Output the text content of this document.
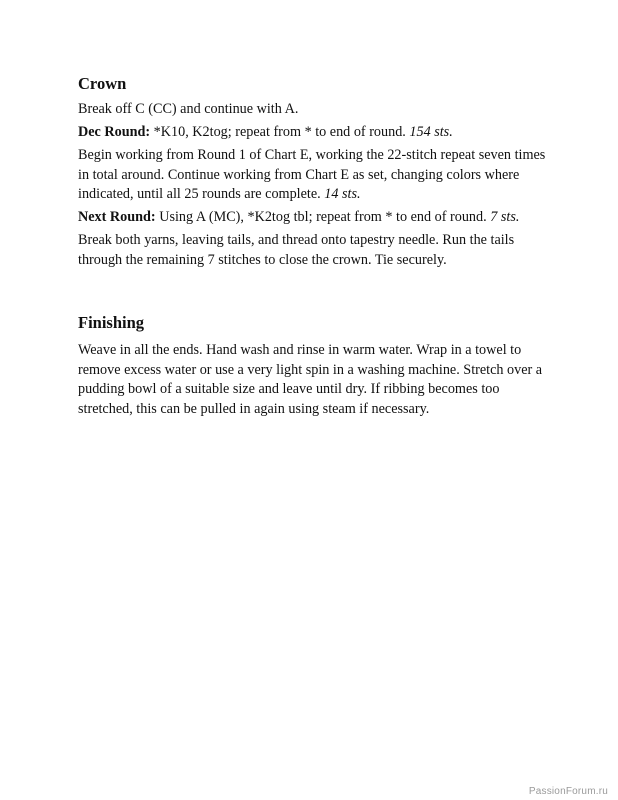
Crown

Break off C (CC) and continue with A.

Dec Round: *K10, K2tog; repeat from * to end of round. 154 sts.

Begin working from Round 1 of Chart E, working the 22-stitch repeat seven times in total around. Continue working from Chart E as set, changing colors where indicated, until all 25 rounds are complete. 14 sts.

Next Round: Using A (MC), *K2tog tbl; repeat from * to end of round. 7 sts.

Break both yarns, leaving tails, and thread onto tapestry needle. Run the tails through the remaining 7 stitches to close the crown. Tie securely.

Finishing

Weave in all the ends. Hand wash and rinse in warm water. Wrap in a towel to remove excess water or use a very light spin in a washing machine. Stretch over a pudding bowl of a suitable size and leave until dry. If ribbing becomes too stretched, this can be pulled in again using steam if necessary.

PassionForum.ru
